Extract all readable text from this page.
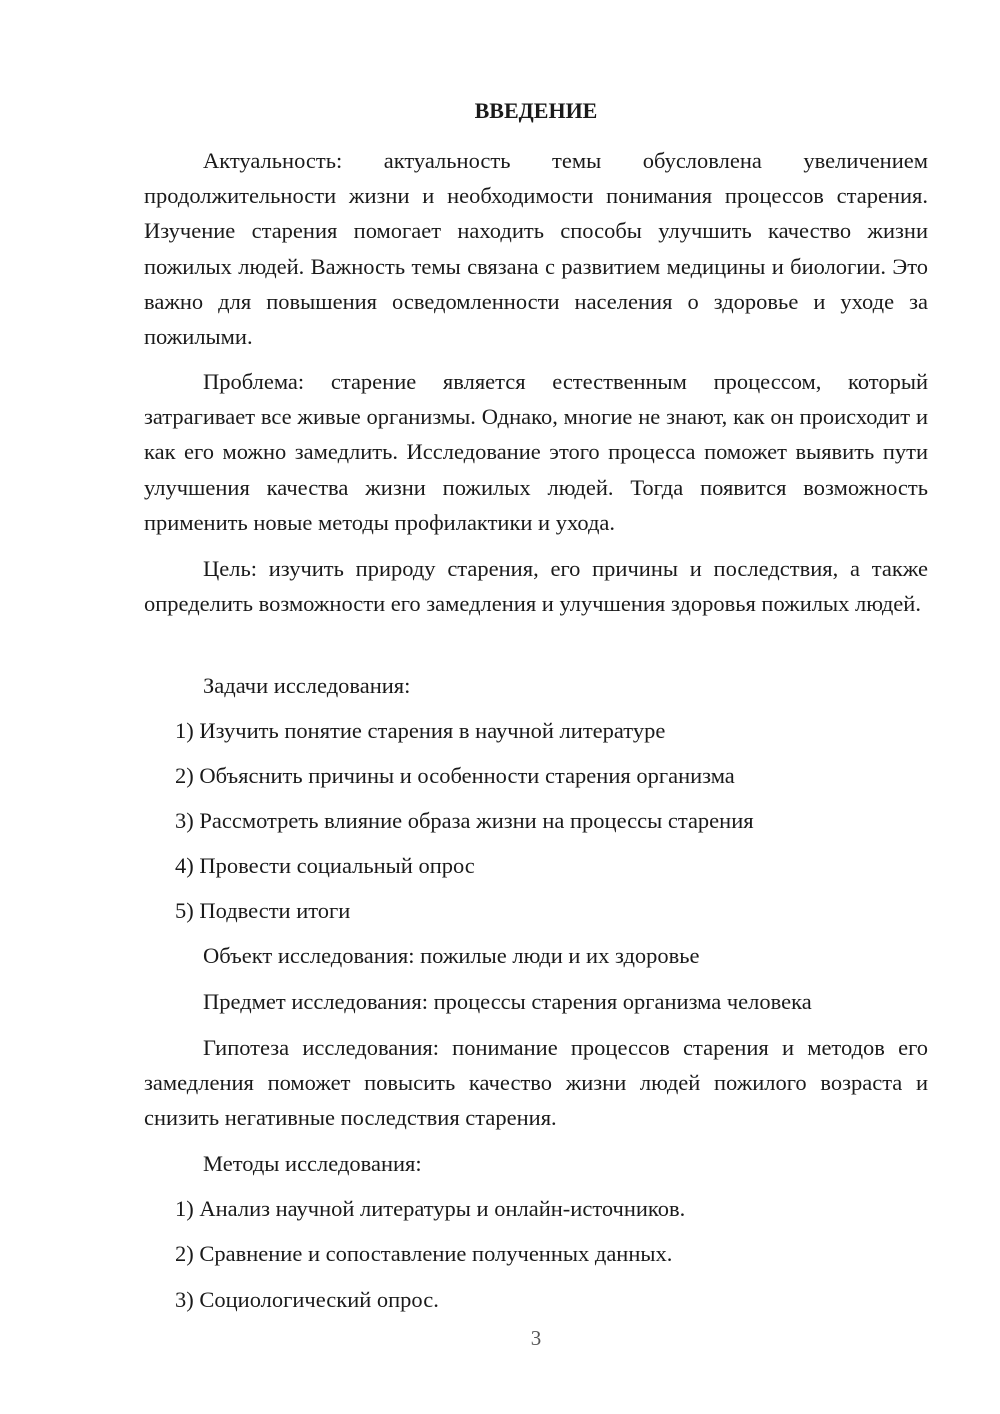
ВВЕДЕНИЕ

Актуальность: актуальность темы обусловлена увеличением продолжительности жизни и необходимости понимания процессов старения. Изучение старения помогает находить способы улучшить качество жизни пожилых людей. Важность темы связана с развитием медицины и биологии. Это важно для повышения осведомленности населения о здоровье и уходе за пожилыми.

Проблема: старение является естественным процессом, который затрагивает все живые организмы. Однако, многие не знают, как он происходит и как его можно замедлить. Исследование этого процесса поможет выявить пути улучшения качества жизни пожилых людей. Тогда появится возможность применить новые методы профилактики и ухода.

Цель: изучить природу старения, его причины и последствия, а также определить возможности его замедления и улучшения здоровья пожилых людей.

Задачи исследования:

1) Изучить понятие старения в научной литературе

2) Объяснить причины и особенности старения организма

3) Рассмотреть влияние образа жизни на процессы старения

4) Провести социальный опрос

5) Подвести итоги

Объект исследования: пожилые люди и их здоровье

Предмет исследования: процессы старения организма человека

Гипотеза исследования: понимание процессов старения и методов его замедления поможет повысить качество жизни людей пожилого возраста и снизить негативные последствия старения.

Методы исследования:

1) Анализ научной литературы и онлайн-источников.

2) Сравнение и сопоставление полученных данных.

3) Социологический опрос.

3
